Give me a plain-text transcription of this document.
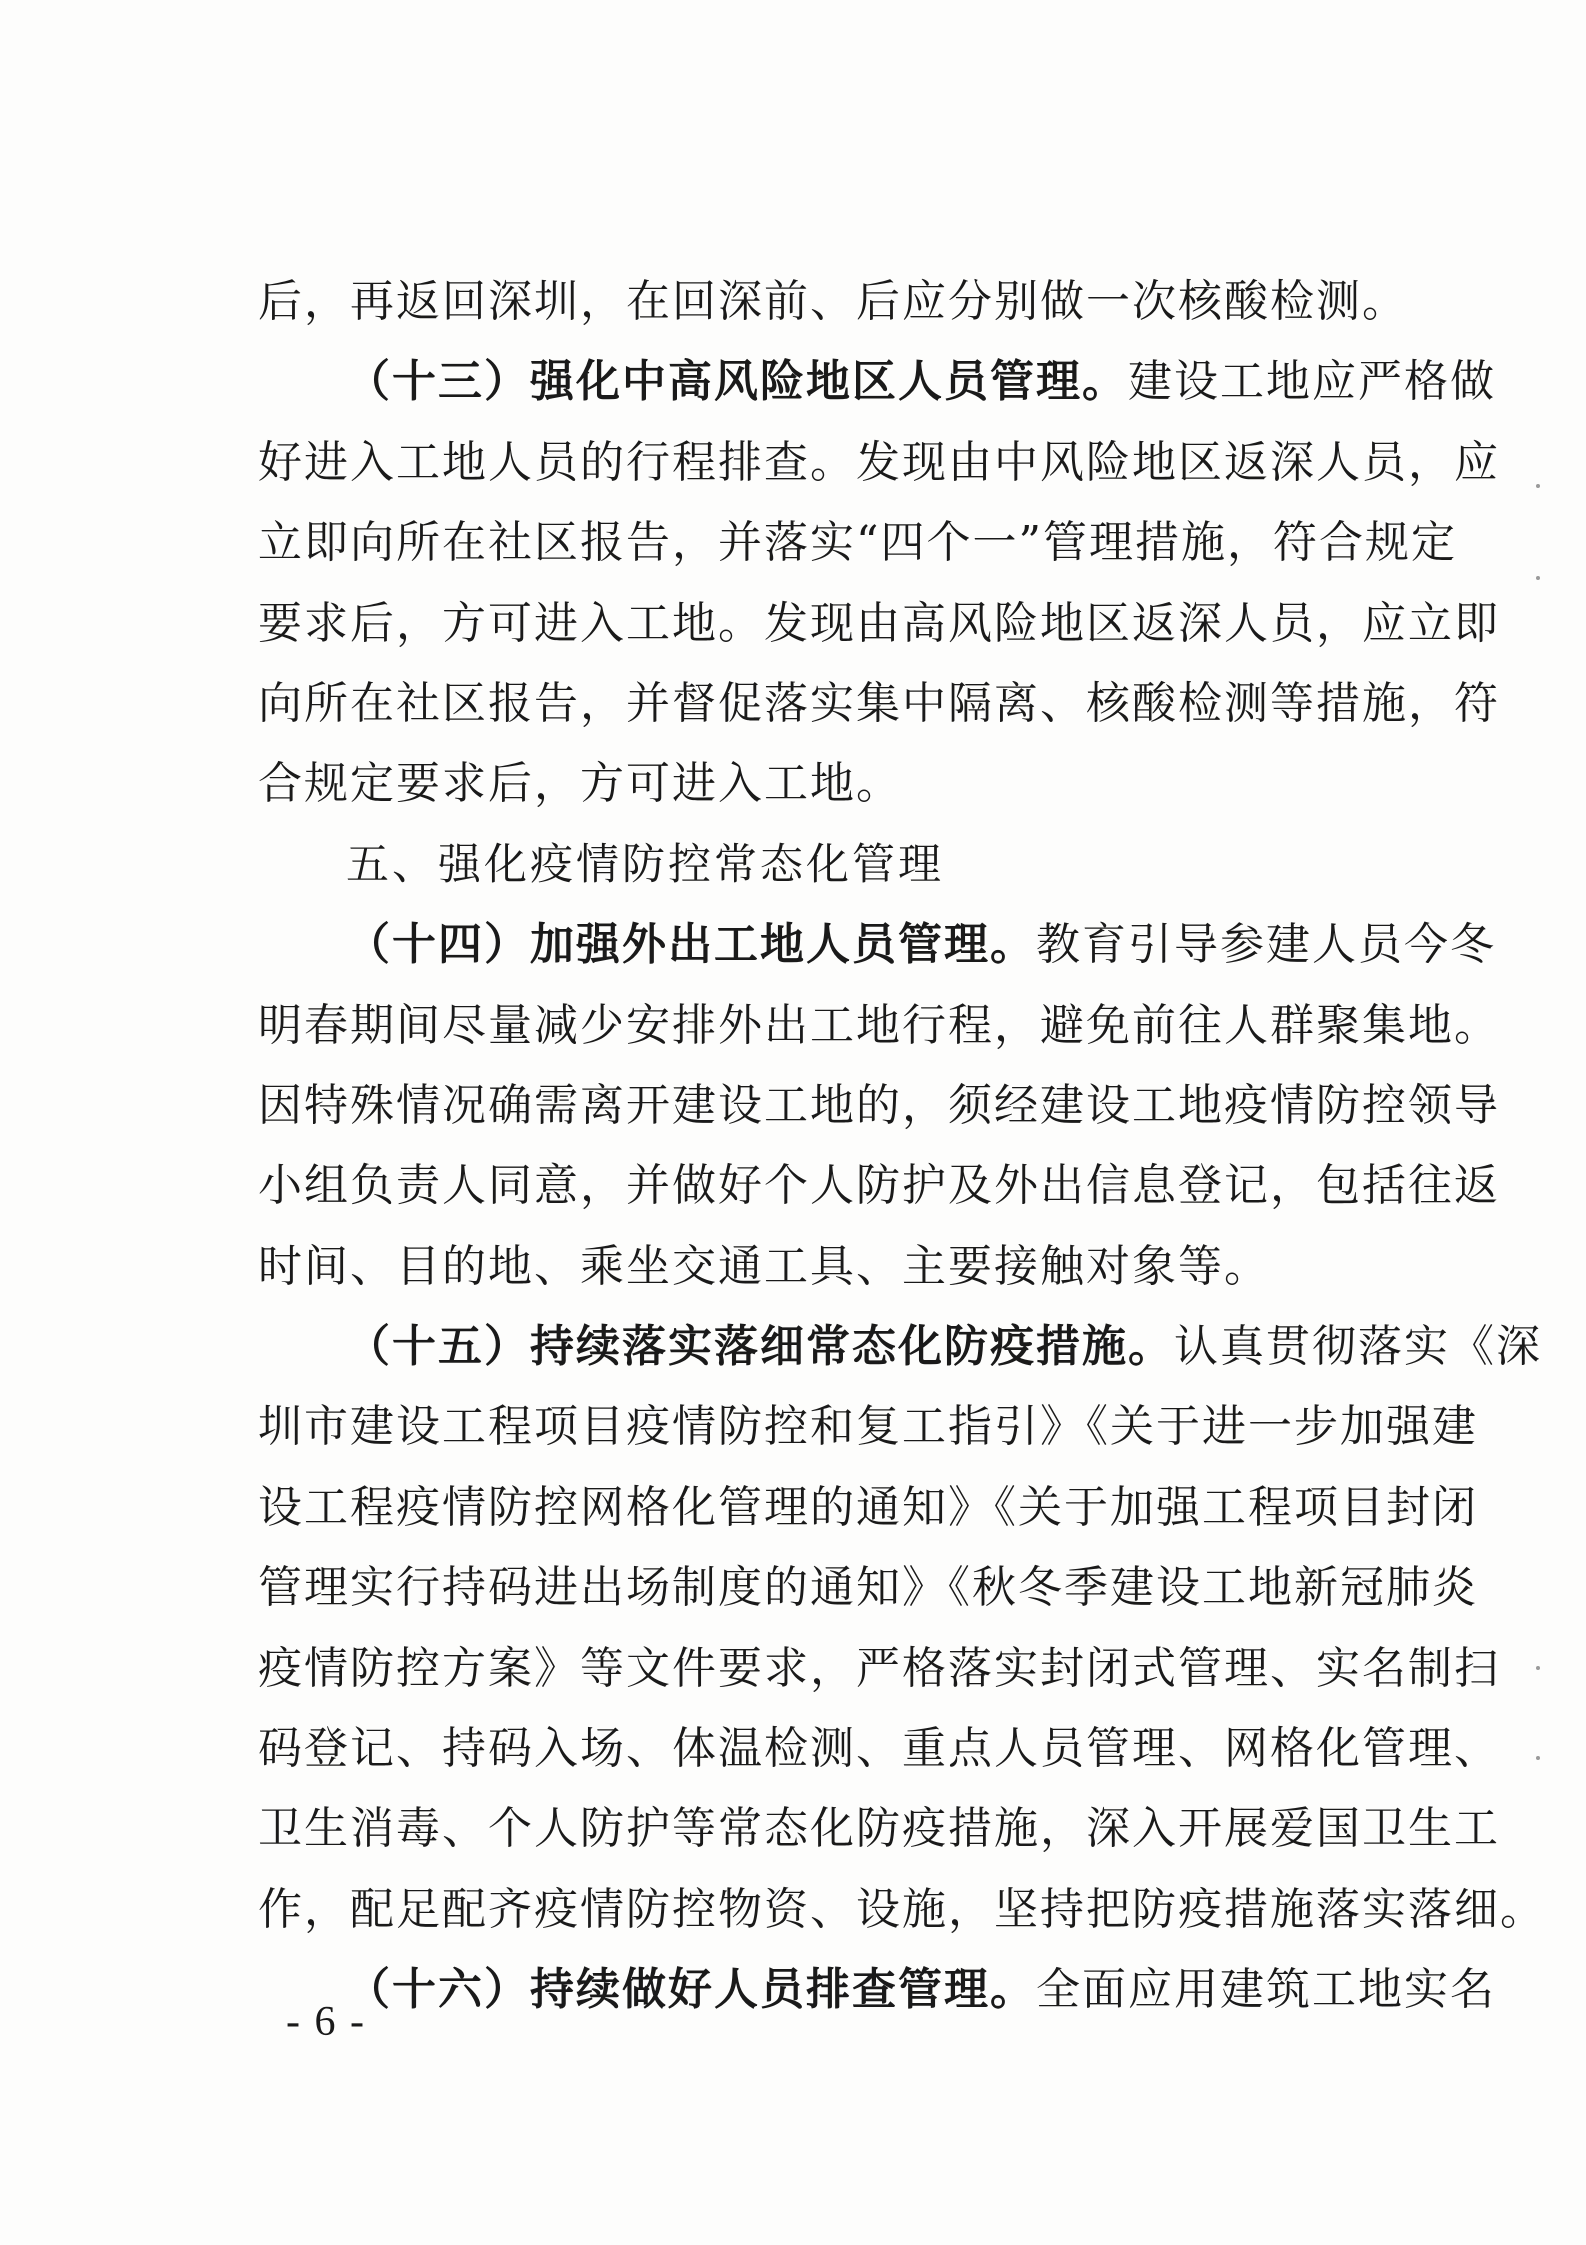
后，再返回深圳，在回深前、后应分别做一次核酸检测。
（十三）强化中高风险地区人员管理。建设工地应严格做
好进入工地人员的行程排查。发现由中风险地区返深人员，应
立即向所在社区报告，并落实“四个一”管理措施，符合规定
要求后，方可进入工地。发现由高风险地区返深人员，应立即
向所在社区报告，并督促落实集中隔离、核酸检测等措施，符
合规定要求后，方可进入工地。
五、强化疫情防控常态化管理
（十四）加强外出工地人员管理。教育引导参建人员今冬
明春期间尽量减少安排外出工地行程，避免前往人群聚集地。
因特殊情况确需离开建设工地的，须经建设工地疫情防控领导
小组负责人同意，并做好个人防护及外出信息登记，包括往返
时间、目的地、乘坐交通工具、主要接触对象等。
（十五）持续落实落细常态化防疫措施。认真贯彻落实《深
圳市建设工程项目疫情防控和复工指引》《关于进一步加强建
设工程疫情防控网格化管理的通知》《关于加强工程项目封闭
管理实行持码进出场制度的通知》《秋冬季建设工地新冠肺炎
疫情防控方案》等文件要求，严格落实封闭式管理、实名制扫
码登记、持码入场、体温检测、重点人员管理、网格化管理、
卫生消毒、个人防护等常态化防疫措施，深入开展爱国卫生工
作，配足配齐疫情防控物资、设施，坚持把防疫措施落实落细。
（十六）持续做好人员排查管理。全面应用建筑工地实名
- 6 -
